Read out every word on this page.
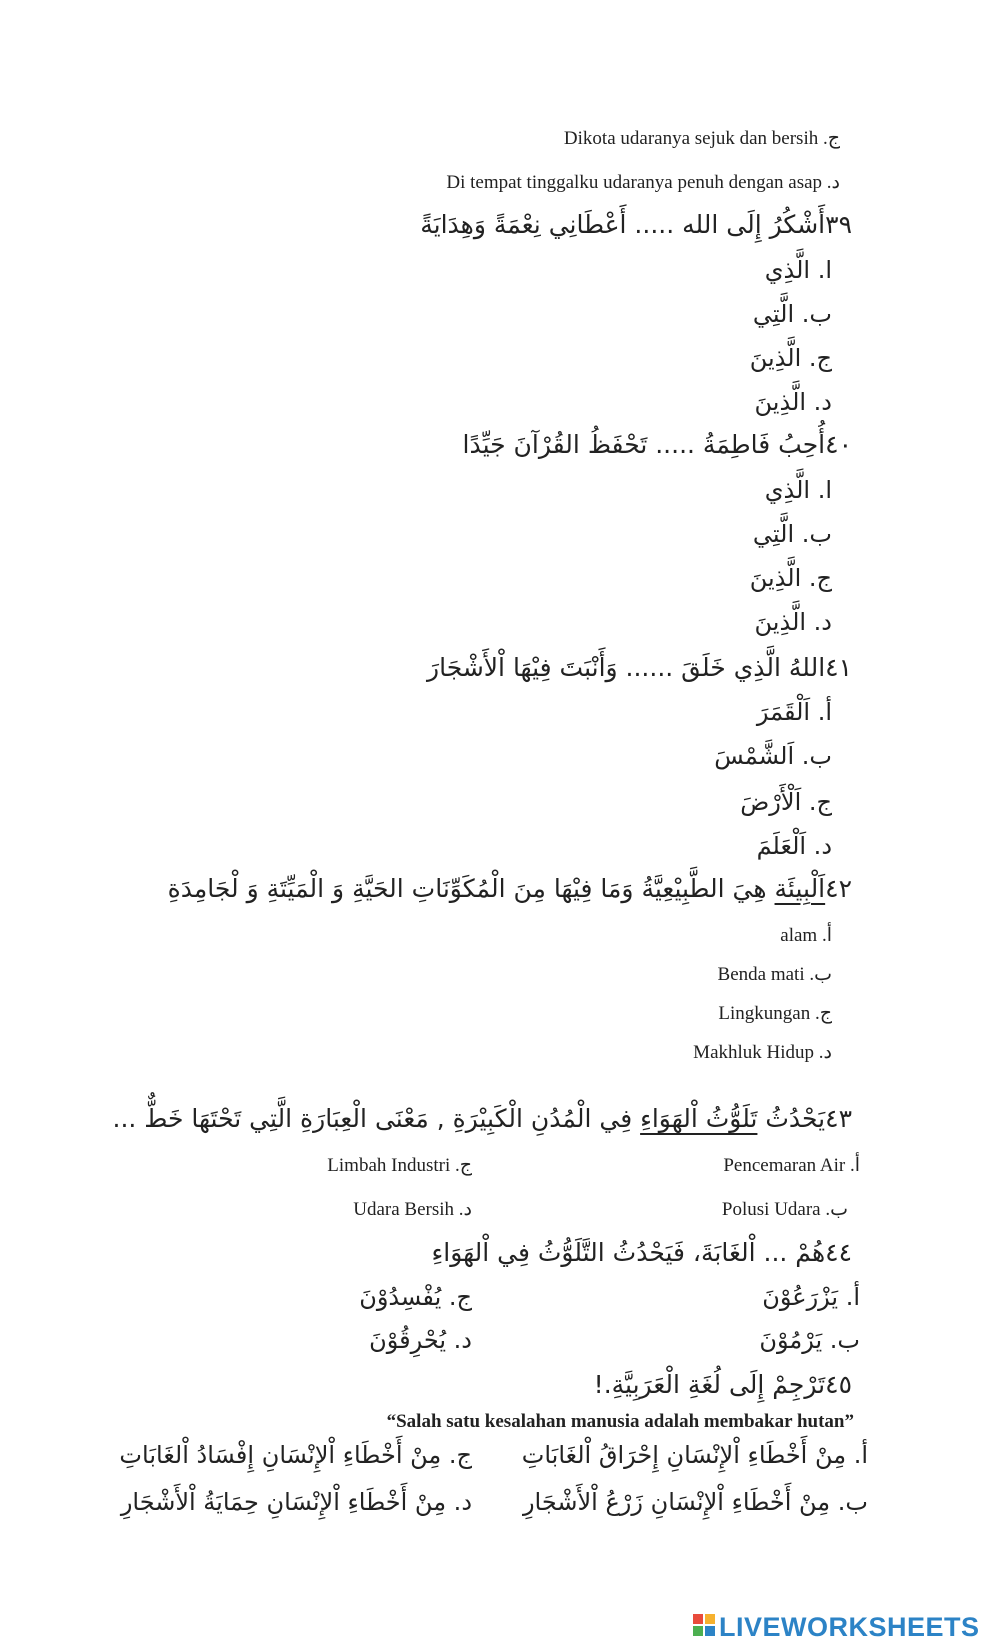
Dikota udaranya sejuk dan bersih .ج
Di tempat tinggalku udaranya penuh dengan asap .د
٣٩أَشْكُرُ إِلَى الله ..... أَعْطَانِي نِعْمَةً وَهِدَايَةً
ا. الَّذِي
ب. الَّتِي
ج. الَّذِينَ
د. الَّذِينَ
٤٠أُحِبُ فَاطِمَةُ ..... تَحْفَظُ القُرْآنَ جَيِّدًا
ا. الَّذِي
ب. الَّتِي
ج. الَّذِينَ
د. الَّذِينَ
٤١اللهُ الَّذِي خَلَقَ ...... وَأَنْبَتَ فِيْهَا اْلأَشْجَارَ
أ. اَلْقَمَرَ
ب. اَلشَّمْسَ
ج. اَلْأَرْضَ
د. اَلْعَلَمَ
٤٢اَلْبِيئَة هِيَ الطَّبِيْعِيَّةُ وَمَا فِيْهَا مِنَ الْمُكَوِّنَاتِ الحَيَّةِ وَ الْمَيِّتَةِ وَ لْجَامِدَةِ
alam .أ
Benda mati .ب
Lingkungan .ج
Makhluk Hidup .د
٤٣يَحْدُثُ تَلَوُّثُ اْلهَوَاءِ فِي الْمُدُنِ الْكَبِيْرَةِ , مَعْنَى الْعِبَارَةِ الَّتِي تَحْتَهَا خَطٌّ ...
Pencemaran Air .أ
Limbah Industri .ج
Polusi Udara .ب
Udara Bersih .د
٤٤هُمْ ... اْلغَابَةَ، فَيَحْدُثُ التَّلَوُّثُ فِي اْلهَوَاءِ
أ. يَزْرَعُوْنَ
ج. يُفْسِدُوْنَ
ب. يَرْمُوْنَ
د. يُحْرِقُوْنَ
٤٥تَرْجِمْ إِلَى لُغَةِ الْعَرَبِيَّةِ.!
“Salah satu kesalahan manusia adalah membakar hutan”
أ. مِنْ أَخْطَاءِ اْلإِنْسَانِ إِحْرَاقُ اْلغَابَاتِ
ج. مِنْ أَخْطَاءِ اْلإِنْسَانِ إِفْسَادُ اْلغَابَاتِ
ب. مِنْ أَخْطَاءِ اْلإِنْسَانِ زَرْعُ اْلأَشْجَارِ
د. مِنْ أَخْطَاءِ اْلإِنْسَانِ حِمَايَةُ اْلأَشْجَارِ
LIVEWORKSHEETS
